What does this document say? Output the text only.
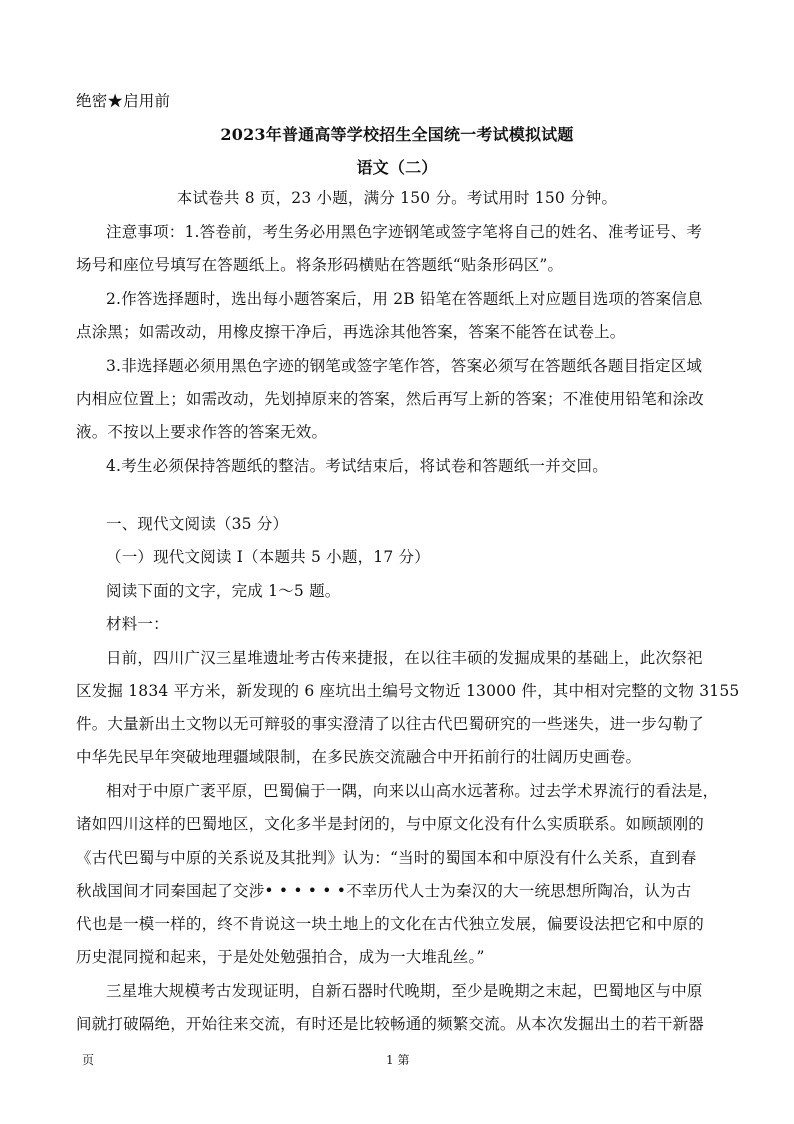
绝密★启用前
2023年普通高等学校招生全国统一考试模拟试题
语文（二）
本试卷共 8 页，23 小题，满分 150 分。考试用时 150 分钟。
注意事项：1.答卷前，考生务必用黑色字迹钢笔或签字笔将自己的姓名、准考证号、考
场号和座位号填写在答题纸上。将条形码横贴在答题纸“贴条形码区”。
2.作答选择题时，选出每小题答案后，用 2B 铅笔在答题纸上对应题目选项的答案信息
点涂黑；如需改动，用橡皮擦干净后，再选涂其他答案，答案不能答在试卷上。
3.非选择题必须用黑色字迹的钢笔或签字笔作答，答案必须写在答题纸各题目指定区域
内相应位置上；如需改动，先划掉原来的答案，然后再写上新的答案；不准使用铅笔和涂改
液。不按以上要求作答的答案无效。
4.考生必须保持答题纸的整洁。考试结束后，将试卷和答题纸一并交回。
一、现代文阅读（35 分）
（一）现代文阅读 I（本题共 5 小题，17 分）
阅读下面的文字，完成 1～5 题。
材料一：
日前，四川广汉三星堆遗址考古传来捷报，在以往丰硕的发掘成果的基础上，此次祭祀
区发掘 1834 平方米，新发现的 6 座坑出土编号文物近 13000 件，其中相对完整的文物 3155
件。大量新出土文物以无可辩驳的事实澄清了以往古代巴蜀研究的一些迷失，进一步勾勒了
中华先民早年突破地理疆域限制，在多民族交流融合中开拓前行的壮阔历史画卷。
相对于中原广袤平原，巴蜀偏于一隅，向来以山高水远著称。过去学术界流行的看法是，
诸如四川这样的巴蜀地区，文化多半是封闭的，与中原文化没有什么实质联系。如顾颉刚的
《古代巴蜀与中原的关系说及其批判》认为：“当时的蜀国本和中原没有什么关系，直到春
秋战国间才同秦国起了交涉• • • • • •不幸历代人士为秦汉的大一统思想所陶冶，认为古
代也是一模一样的，终不肯说这一块土地上的文化在古代独立发展，偏要设法把它和中原的
历史混同搅和起来，于是处处勉强拍合，成为一大堆乱丝。”
三星堆大规模考古发现证明，自新石器时代晚期，至少是晚期之末起，巴蜀地区与中原
间就打破隔绝，开始往来交流，有时还是比较畅通的频繁交流。从本次发掘出土的若干新器
页	1 第
